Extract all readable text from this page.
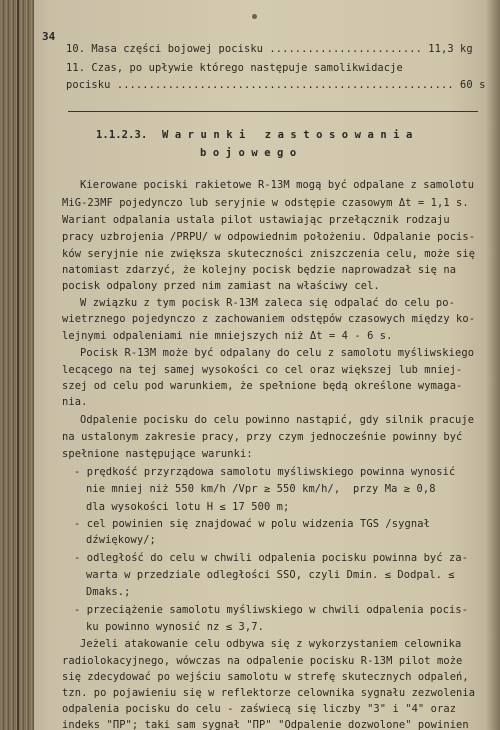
34
10. Masa części bojowej pocisku ........................ 11,3 kg
11. Czas, po upływie którego następuje samolikwidacje
pocisku ..................................................... 60 s
1.1.2.3. W a r u n k i   z a s t o s o w a n i a
b o j o w e g o
Kierowane pociski rakietowe R-13M mogą być odpalane z samolotu
MiG-23MF pojedynczo lub seryjnie w odstępie czasowym Δt = 1,1 s.
Wariant odpalania ustala pilot ustawiając przełącznik rodzaju
pracy uzbrojenia /PRPU/ w odpowiednim położeniu. Odpalanie pocis-
ków seryjnie nie zwiększa skuteczności zniszczenia celu, może się
natomiast zdarzyć, że kolejny pocisk będzie naprowadzał się na
pocisk odpalony przed nim zamiast na właściwy cel.
W związku z tym pocisk R-13M zaleca się odpalać do celu po-
wietrznego pojedynczo z zachowaniem odstępów czasowych między ko-
lejnymi odpaleniami nie mniejszych niż Δt = 4 - 6 s.
Pocisk R-13M może być odpalany do celu z samolotu myśliwskiego
lecącego na tej samej wysokości co cel oraz większej lub mniej-
szej od celu pod warunkiem, że spełnione będą określone wymaga-
nia.
Odpalenie pocisku do celu powinno nastąpić, gdy silnik pracuje
na ustalonym zakresie pracy, przy czym jednocześnie powinny być
spełnione następujące warunki:
- prędkość przyrządowa samolotu myśliwskiego powinna wynosić
nie mniej niż 550 km/h /Vpr ≥ 550 km/h/,  przy Ma ≥ 0,8
dla wysokości lotu H ≤ 17 500 m;
- cel powinien się znajdować w polu widzenia TGS /sygnał
dźwiękowy/;
- odległość do celu w chwili odpalenia pocisku powinna być za-
warta w przedziale odległości SSO, czyli Dmin. ≤ Dodpal. ≤
Dmaks.;
- przeciążenie samolotu myśliwskiego w chwili odpalenia pocis-
ku powinno wynosić nz ≤ 3,7.
Jeżeli atakowanie celu odbywa się z wykorzystaniem celownika
radiolokacyjnego, wówczas na odpalenie pocisku R-13M pilot może
się zdecydować po wejściu samolotu w strefę skutecznych odpaleń,
tzn. po pojawieniu się w reflektorze celownika sygnału zezwolenia
odpalenia pocisku do celu - zaświecą się liczby "3" i "4" oraz
indeks "ПР"; taki sam sygnał "ПР" "Odpalenie dozwolone" powinien
